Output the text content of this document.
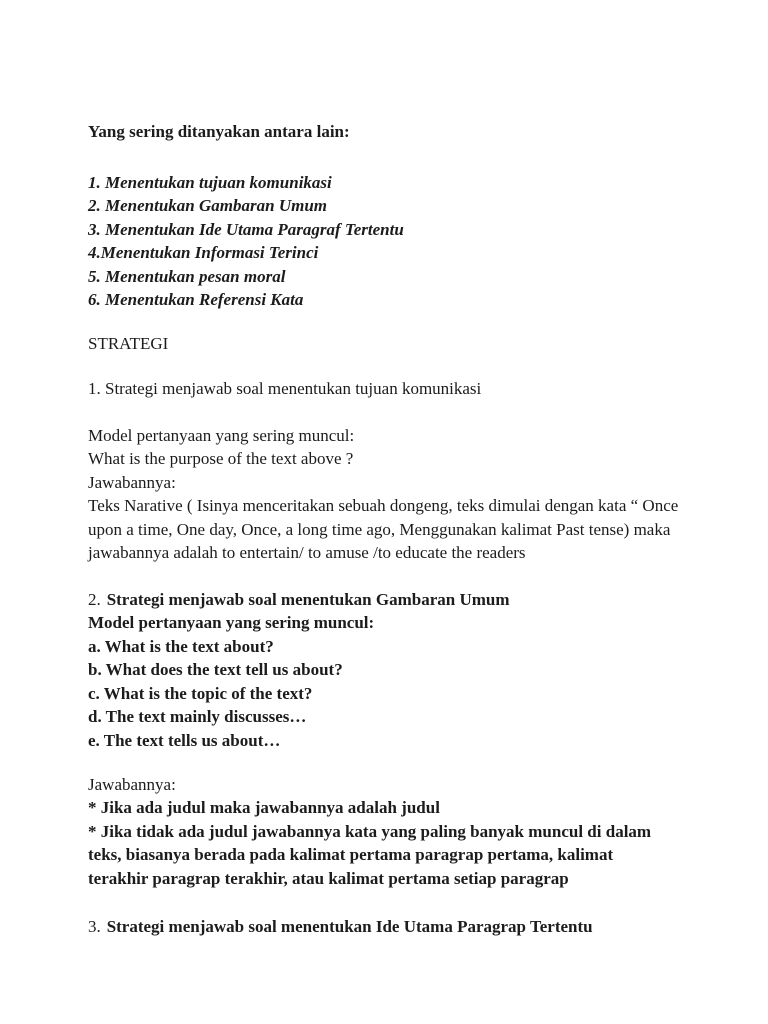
Yang sering ditanyakan antara lain:
1. Menentukan tujuan komunikasi
2. Menentukan Gambaran Umum
3. Menentukan Ide Utama Paragraf Tertentu
4.Menentukan Informasi Terinci
5. Menentukan pesan moral
6. Menentukan Referensi Kata
STRATEGI
1. Strategi menjawab soal menentukan tujuan komunikasi
Model pertanyaan yang sering muncul:
What is the purpose of the text above ?
Jawabannya:
Teks Narative ( Isinya menceritakan sebuah dongeng, teks dimulai dengan kata “ Once
upon a time, One day, Once, a long time ago, Menggunakan kalimat Past tense) maka
jawabannya adalah to entertain/ to amuse /to educate the readers
2. Strategi menjawab soal menentukan Gambaran Umum
Model pertanyaan yang sering muncul:
a. What is the text about?
b. What does the text tell us about?
c. What is the topic of the text?
d. The text mainly discusses…
e. The text tells us about…
Jawabannya:
* Jika ada judul maka jawabannya adalah judul
* Jika tidak ada judul jawabannya kata yang paling banyak muncul di dalam
teks, biasanya berada pada kalimat pertama paragrap pertama, kalimat
terakhir paragrap terakhir, atau kalimat pertama setiap paragrap
3. Strategi menjawab soal menentukan Ide Utama Paragrap Tertentu
